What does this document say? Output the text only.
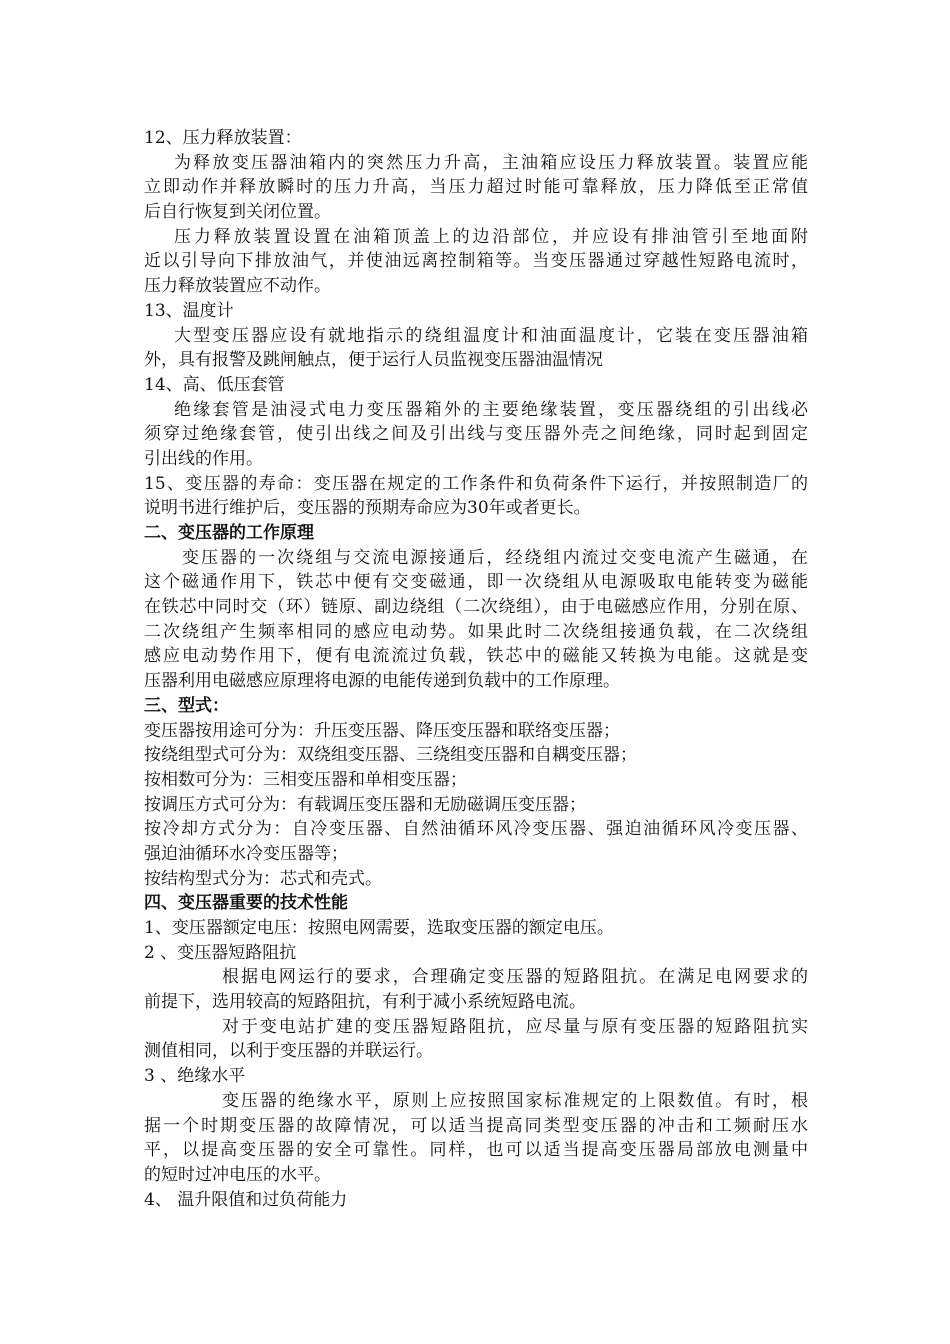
12、压力释放装置：
为释放变压器油箱内的突然压力升高，主油箱应设压力释放装置。装置应能
立即动作并释放瞬时的压力升高，当压力超过时能可靠释放，压力降低至正常值
后自行恢复到关闭位置。
压力释放装置设置在油箱顶盖上的边沿部位，并应设有排油管引至地面附
近以引导向下排放油气，并使油远离控制箱等。当变压器通过穿越性短路电流时，
压力释放装置应不动作。
13、温度计
大型变压器应设有就地指示的绕组温度计和油面温度计，它装在变压器油箱
外，具有报警及跳闸触点，便于运行人员监视变压器油温情况
14、高、低压套管
绝缘套管是油浸式电力变压器箱外的主要绝缘装置，变压器绕组的引出线必
须穿过绝缘套管，使引出线之间及引出线与变压器外壳之间绝缘，同时起到固定
引出线的作用。
15、变压器的寿命：变压器在规定的工作条件和负荷条件下运行，并按照制造厂的
说明书进行维护后，变压器的预期寿命应为30年或者更长。
二、变压器的工作原理
变压器的一次绕组与交流电源接通后，经绕组内流过交变电流产生磁通，在
这个磁通作用下，铁芯中便有交变磁通，即一次绕组从电源吸取电能转变为磁能
在铁芯中同时交（环）链原、副边绕组（二次绕组），由于电磁感应作用，分别在原、
二次绕组产生频率相同的感应电动势。如果此时二次绕组接通负载，在二次绕组
感应电动势作用下，便有电流流过负载，铁芯中的磁能又转换为电能。这就是变
压器利用电磁感应原理将电源的电能传递到负载中的工作原理。
三、型式：
变压器按用途可分为：升压变压器、降压变压器和联络变压器；
按绕组型式可分为：双绕组变压器、三绕组变压器和自耦变压器；
按相数可分为：三相变压器和单相变压器；
按调压方式可分为：有载调压变压器和无励磁调压变压器；
按冷却方式分为：自冷变压器、自然油循环风冷变压器、强迫油循环风冷变压器、
强迫油循环水冷变压器等；
按结构型式分为：芯式和壳式。
四、变压器重要的技术性能
1、变压器额定电压：按照电网需要，选取变压器的额定电压。
2 、变压器短路阻抗
根据电网运行的要求，合理确定变压器的短路阻抗。在满足电网要求的
前提下，选用较高的短路阻抗，有利于减小系统短路电流。
对于变电站扩建的变压器短路阻抗，应尽量与原有变压器的短路阻抗实
测值相同，以利于变压器的并联运行。
3 、绝缘水平
变压器的绝缘水平，原则上应按照国家标准规定的上限数值。有时，根
据一个时期变压器的故障情况，可以适当提高同类型变压器的冲击和工频耐压水
平，以提高变压器的安全可靠性。同样，也可以适当提高变压器局部放电测量中
的短时过冲电压的水平。
4、 温升限值和过负荷能力
